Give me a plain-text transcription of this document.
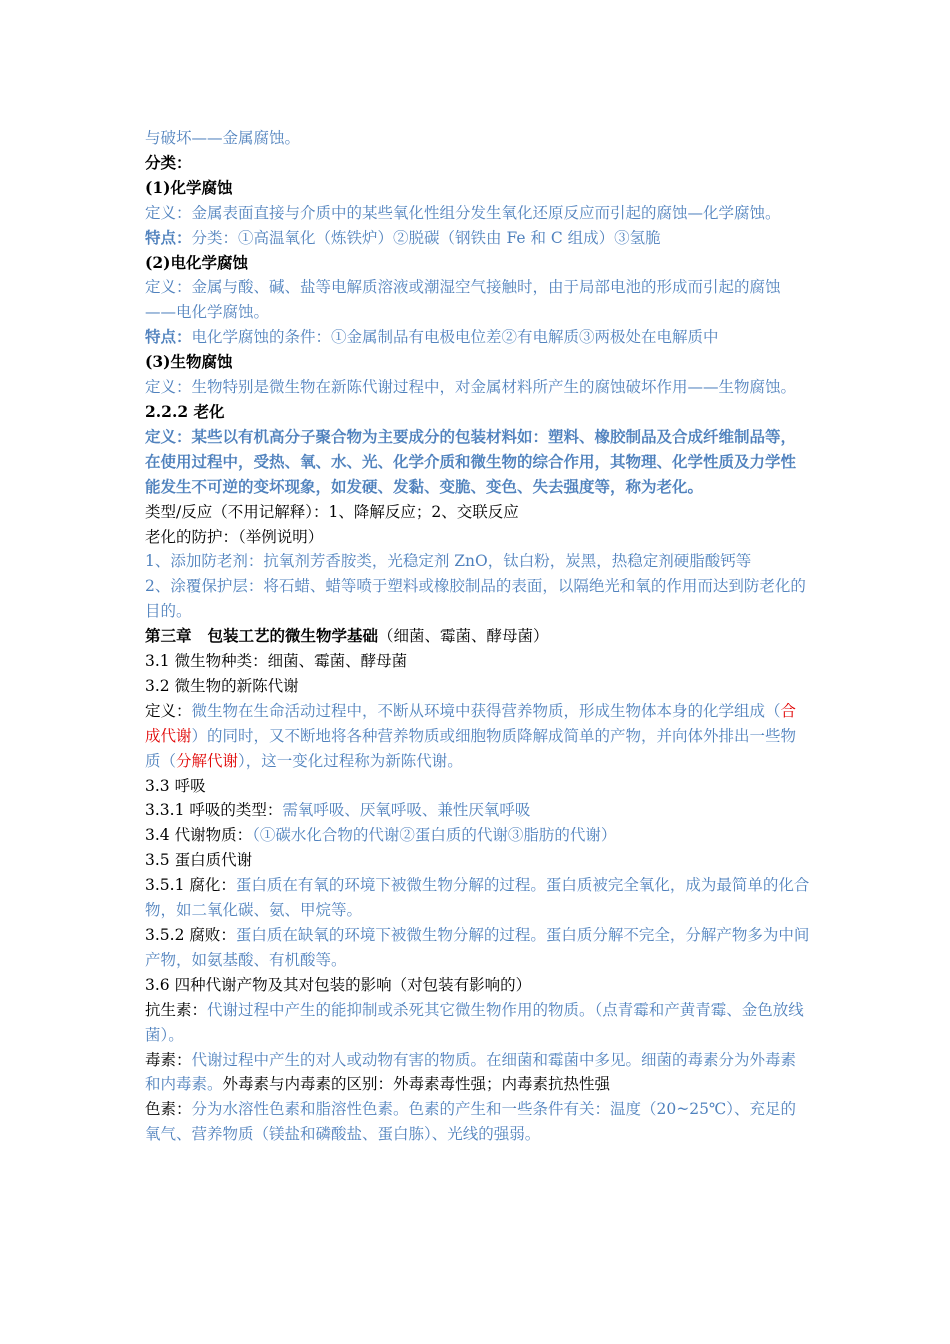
与破坏——金属腐蚀。

分类：

(1)化学腐蚀

定义：金属表面直接与介质中的某些氧化性组分发生氧化还原反应而引起的腐蚀—化学腐蚀。

特点：分类：①高温氧化（炼铁炉）②脱碳（钢铁由 Fe 和 C 组成）③氢脆

(2)电化学腐蚀

定义：金属与酸、碱、盐等电解质溶液或潮湿空气接触时，由于局部电池的形成而引起的腐蚀——电化学腐蚀。

特点：电化学腐蚀的条件：①金属制品有电极电位差②有电解质③两极处在电解质中

(3)生物腐蚀

定义：生物特别是微生物在新陈代谢过程中，对金属材料所产生的腐蚀破坏作用——生物腐蚀。

2.2.2 老化

定义：某些以有机高分子聚合物为主要成分的包装材料如：塑料、橡胶制品及合成纤维制品等，在使用过程中，受热、氧、水、光、化学介质和微生物的综合作用，其物理、化学性质及力学性能发生不可逆的变坏现象，如发硬、发黏、变脆、变色、失去强度等，称为老化。

类型/反应（不用记解释）：1、降解反应；2、交联反应

老化的防护：（举例说明）

1、添加防老剂：抗氧剂芳香胺类，光稳定剂 ZnO，钛白粉，炭黑，热稳定剂硬脂酸钙等

2、涂覆保护层：将石蜡、蜡等喷于塑料或橡胶制品的表面，以隔绝光和氧的作用而达到防老化的目的。

第三章 包装工艺的微生物学基础（细菌、霉菌、酵母菌）

3.1 微生物种类：细菌、霉菌、酵母菌

3.2 微生物的新陈代谢

定义：微生物在生命活动过程中，不断从环境中获得营养物质，形成生物体本身的化学组成（合成代谢）的同时，又不断地将各种营养物质或细胞物质降解成简单的产物，并向体外排出一些物质（分解代谢），这一变化过程称为新陈代谢。

3.3 呼吸

3.3.1 呼吸的类型：需氧呼吸、厌氧呼吸、兼性厌氧呼吸

3.4 代谢物质：（①碳水化合物的代谢②蛋白质的代谢③脂肪的代谢）

3.5 蛋白质代谢

3.5.1 腐化：蛋白质在有氧的环境下被微生物分解的过程。蛋白质被完全氧化，成为最简单的化合物，如二氧化碳、氨、甲烷等。

3.5.2 腐败：蛋白质在缺氧的环境下被微生物分解的过程。蛋白质分解不完全，分解产物多为中间产物，如氨基酸、有机酸等。

3.6 四种代谢产物及其对包装的影响（对包装有影响的）

抗生素：代谢过程中产生的能抑制或杀死其它微生物作用的物质。（点青霉和产黄青霉、金色放线菌）。

毒素：代谢过程中产生的对人或动物有害的物质。在细菌和霉菌中多见。细菌的毒素分为外毒素和内毒素。外毒素与内毒素的区别：外毒素毒性强；内毒素抗热性强

色素：分为水溶性色素和脂溶性色素。色素的产生和一些条件有关：温度（20~25℃）、充足的氧气、营养物质（镁盐和磷酸盐、蛋白胨）、光线的强弱。
